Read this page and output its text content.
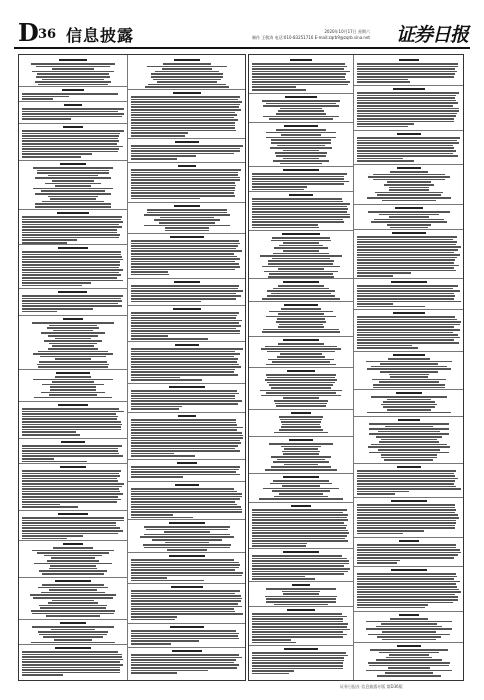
D 36 信息披露	2020年10月17日 星期六
制作 王敬涛 电话:010-83251716 E-mail:zqrb9@zqrb.sina.net 证券日报
证券日报社 信息披露专版 第D36版
